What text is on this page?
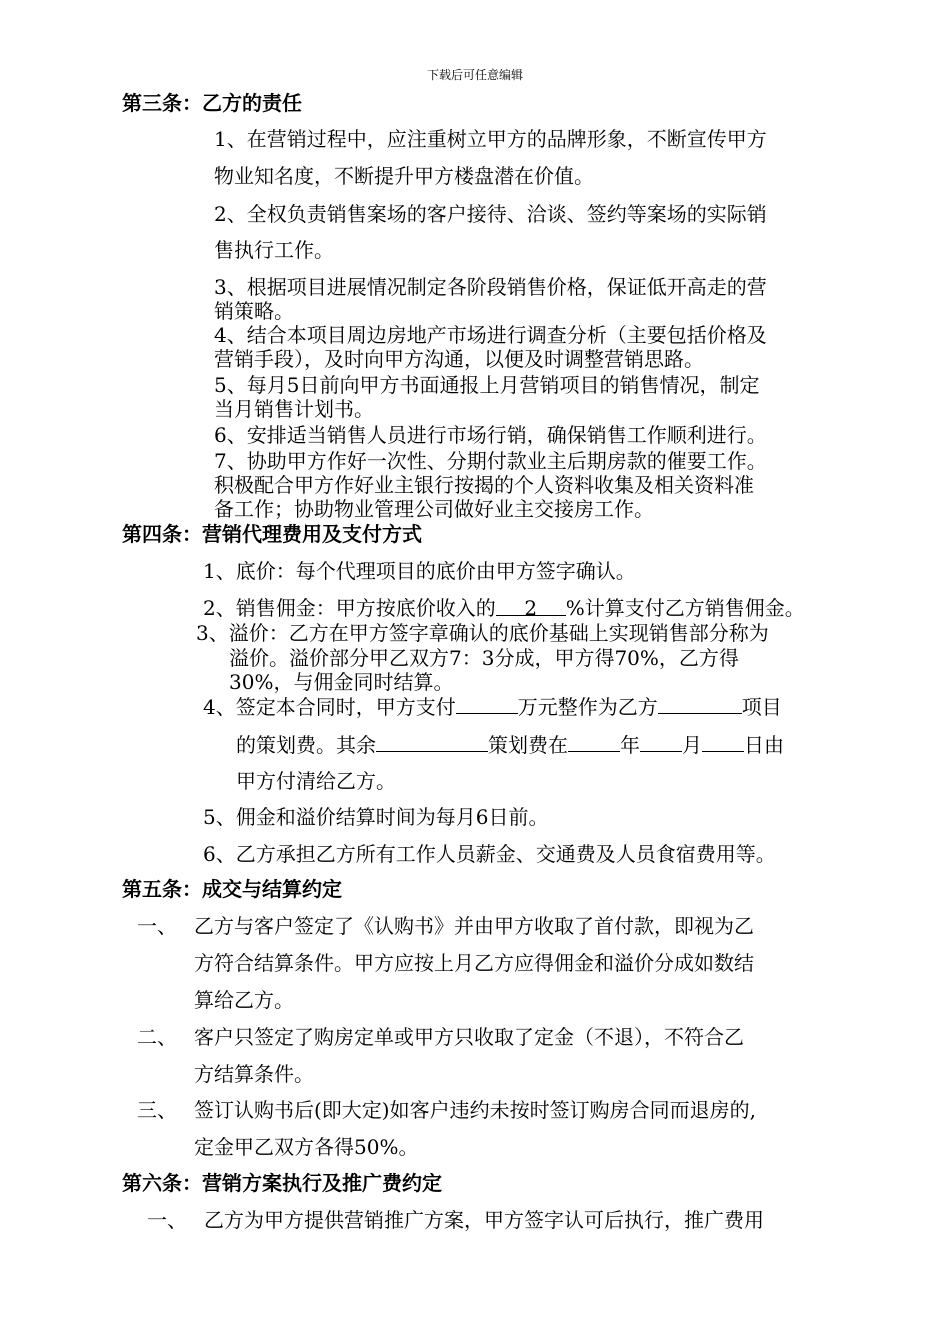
下载后可任意编辑
第三条：乙方的责任
1、在营销过程中，应注重树立甲方的品牌形象，不断宣传甲方
物业知名度，不断提升甲方楼盘潜在价值。
2、全权负责销售案场的客户接待、洽谈、签约等案场的实际销
售执行工作。
3、根据项目进展情况制定各阶段销售价格，保证低开高走的营
销策略。
4、结合本项目周边房地产市场进行调查分析（主要包括价格及
营销手段），及时向甲方沟通，以便及时调整营销思路。
5、每月5日前向甲方书面通报上月营销项目的销售情况，制定
当月销售计划书。
6、安排适当销售人员进行市场行销，确保销售工作顺利进行。
7、协助甲方作好一次性、分期付款业主后期房款的催要工作。
积极配合甲方作好业主银行按揭的个人资料收集及相关资料准
备工作；协助物业管理公司做好业主交接房工作。
第四条：营销代理费用及支付方式
1、底价：每个代理项目的底价由甲方签字确认。
2、销售佣金：甲方按底价收入的 2 %计算支付乙方销售佣金。
3、溢价：乙方在甲方签字章确认的底价基础上实现销售部分称为
溢价。溢价部分甲乙双方7：3分成，甲方得70%，乙方得
30%，与佣金同时结算。
4、签定本合同时，甲方支付	万元整作为乙方	项目
的策划费。其余	策划费在	年 月 日由
甲方付清给乙方。
5、佣金和溢价结算时间为每月6日前。
6、乙方承担乙方所有工作人员薪金、交通费及人员食宿费用等。
第五条：成交与结算约定
一、 乙方与客户签定了《认购书》并由甲方收取了首付款，即视为乙
方符合结算条件。甲方应按上月乙方应得佣金和溢价分成如数结
算给乙方。
二、 客户只签定了购房定单或甲方只收取了定金（不退），不符合乙
方结算条件。
三、 签订认购书后(即大定)如客户违约未按时签订购房合同而退房的,
定金甲乙双方各得50%。
第六条：营销方案执行及推广费约定
一、 乙方为甲方提供营销推广方案，甲方签字认可后执行，推广费用
